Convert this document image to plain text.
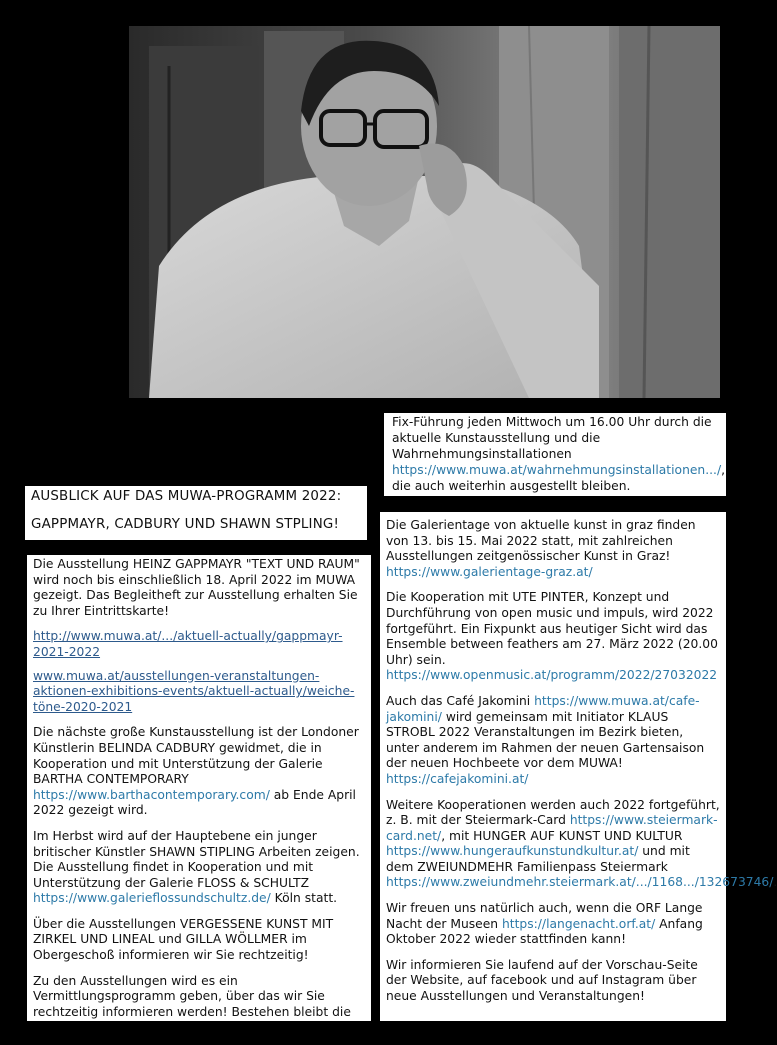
Fix-Führung jeden Mittwoch um 16.00 Uhr durch die aktuelle Kunstausstellung und die Wahrnehmungsinstallationen https://www.muwa.at/wahrnehmungsinstallationen.../, die auch weiterhin ausgestellt bleiben.
AUSBLICK AUF DAS MUWA-PROGRAMM 2022:
GAPPMAYR, CADBURY UND SHAWN STPLING!

Die Ausstellung HEINZ GAPPMAYR "TEXT UND RAUM" wird noch bis einschließlich 18. April 2022 im MUWA gezeigt. Das Begleitheft zur Ausstellung erhalten Sie zu Ihrer Eintrittskarte!

http://www.muwa.at/.../aktuell-actually/gappmayr-2021-2022

www.muwa.at/ausstellungen-veranstaltungen-aktionen-exhibitions-events/aktuell-actually/weiche-töne-2020-2021

Die nächste große Kunstausstellung ist der Londoner Künstlerin BELINDA CADBURY gewidmet, die in Kooperation und mit Unterstützung der Galerie BARTHA CONTEMPORARY https://www.barthacontemporary.com/ ab Ende April 2022 gezeigt wird.

Im Herbst wird auf der Hauptebene ein junger britischer Künstler SHAWN STIPLING Arbeiten zeigen. Die Ausstellung findet in Kooperation und mit Unterstützung der Galerie FLOSS & SCHULTZ https://www.galerieflossundschultz.de/ Köln statt.

Über die Ausstellungen VERGESSENE KUNST MIT ZIRKEL UND LINEAL und GILLA WÖLLMER im Obergeschoß informieren wir Sie rechtzeitig!

Zu den Ausstellungen wird es ein Vermittlungsprogramm geben, über das wir Sie rechtzeitig informieren werden! Bestehen bleibt die

Die Galerientage von aktuelle kunst in graz finden von 13. bis 15. Mai 2022 statt, mit zahlreichen Ausstellungen zeitgenössischer Kunst in Graz! https://www.galerientage-graz.at/

Die Kooperation mit UTE PINTER, Konzept und Durchführung von open music und impuls, wird 2022 fortgeführt. Ein Fixpunkt aus heutiger Sicht wird das Ensemble between feathers am 27. März 2022 (20.00 Uhr) sein. https://www.openmusic.at/programm/2022/27032022

Auch das Café Jakomini https://www.muwa.at/cafe-jakomini/ wird gemeinsam mit Initiator KLAUS STROBL 2022 Veranstaltungen im Bezirk bieten, unter anderem im Rahmen der neuen Gartensaison der neuen Hochbeete vor dem MUWA! https://cafejakomini.at/

Weitere Kooperationen werden auch 2022 fortgeführt, z. B. mit der Steiermark-Card https://www.steiermark-card.net/, mit HUNGER AUF KUNST UND KULTUR https://www.hungeraufkunstundkultur.at/ und mit dem ZWEIUNDMEHR Familienpass Steiermark https://www.zweiundmehr.steiermark.at/.../1168.../132673746/.

Wir freuen uns natürlich auch, wenn die ORF Lange Nacht der Museen https://langenacht.orf.at/ Anfang Oktober 2022 wieder stattfinden kann!

Wir informieren Sie laufend auf der Vorschau-Seite der Website, auf facebook und auf Instagram über neue Ausstellungen und Veranstaltungen!
